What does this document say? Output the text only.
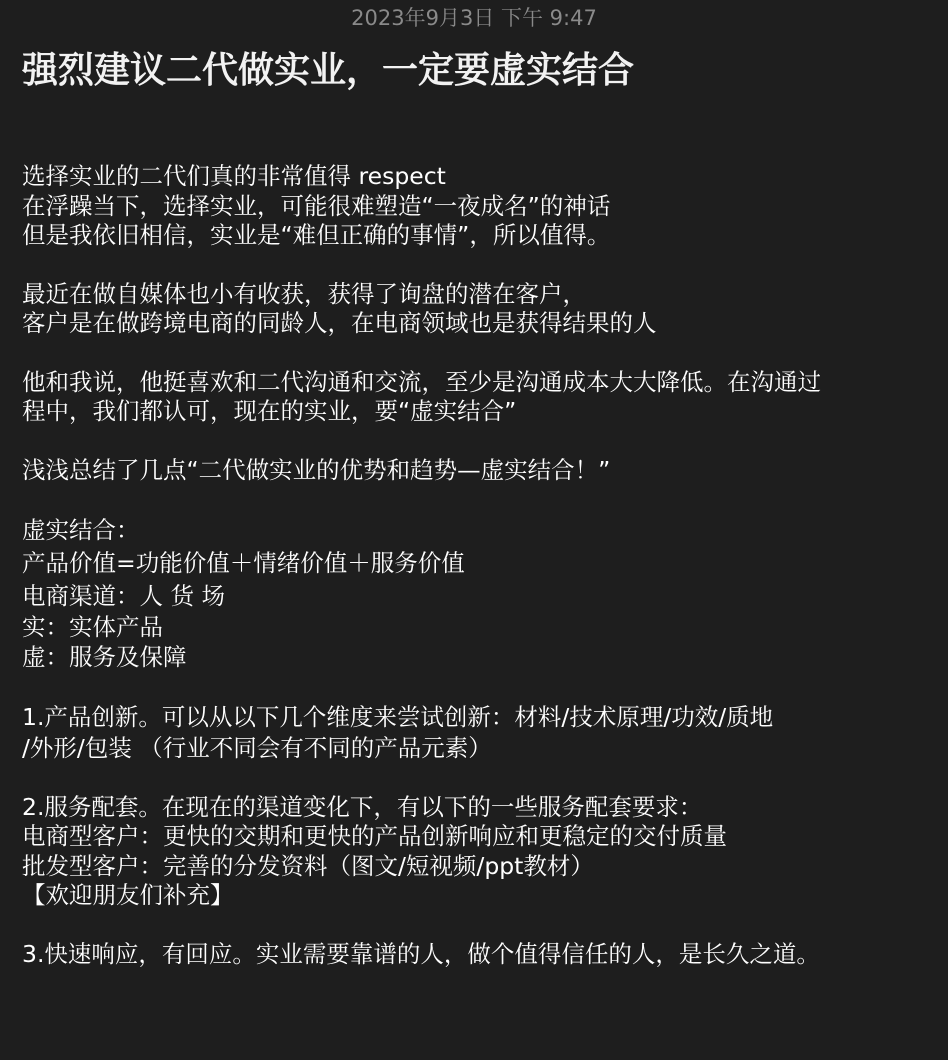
2023年9月3日 下午 9:47
强烈建议二代做实业，一定要虚实结合
选择实业的二代们真的非常值得 respect
在浮躁当下，选择实业，可能很难塑造“一夜成名”的神话
但是我依旧相信，实业是“难但正确的事情”，所以值得。
最近在做自媒体也小有收获，获得了询盘的潜在客户，
客户是在做跨境电商的同龄人，在电商领域也是获得结果的人
他和我说，他挺喜欢和二代沟通和交流，至少是沟通成本大大降低。在沟通过
程中，我们都认可，现在的实业，要“虚实结合”
浅浅总结了几点“二代做实业的优势和趋势—虚实结合！”
虚实结合：
产品价值=功能价值＋情绪价值＋服务价值
电商渠道：人 货 场
实：实体产品
虚：服务及保障
1.产品创新。可以从以下几个维度来尝试创新：材料/技术原理/功效/质地
/外形/包装 （行业不同会有不同的产品元素）
2.服务配套。在现在的渠道变化下，有以下的一些服务配套要求：
电商型客户：更快的交期和更快的产品创新响应和更稳定的交付质量
批发型客户：完善的分发资料（图文/短视频/ppt教材）
【欢迎朋友们补充】
3.快速响应，有回应。实业需要靠谱的人，做个值得信任的人，是长久之道。
